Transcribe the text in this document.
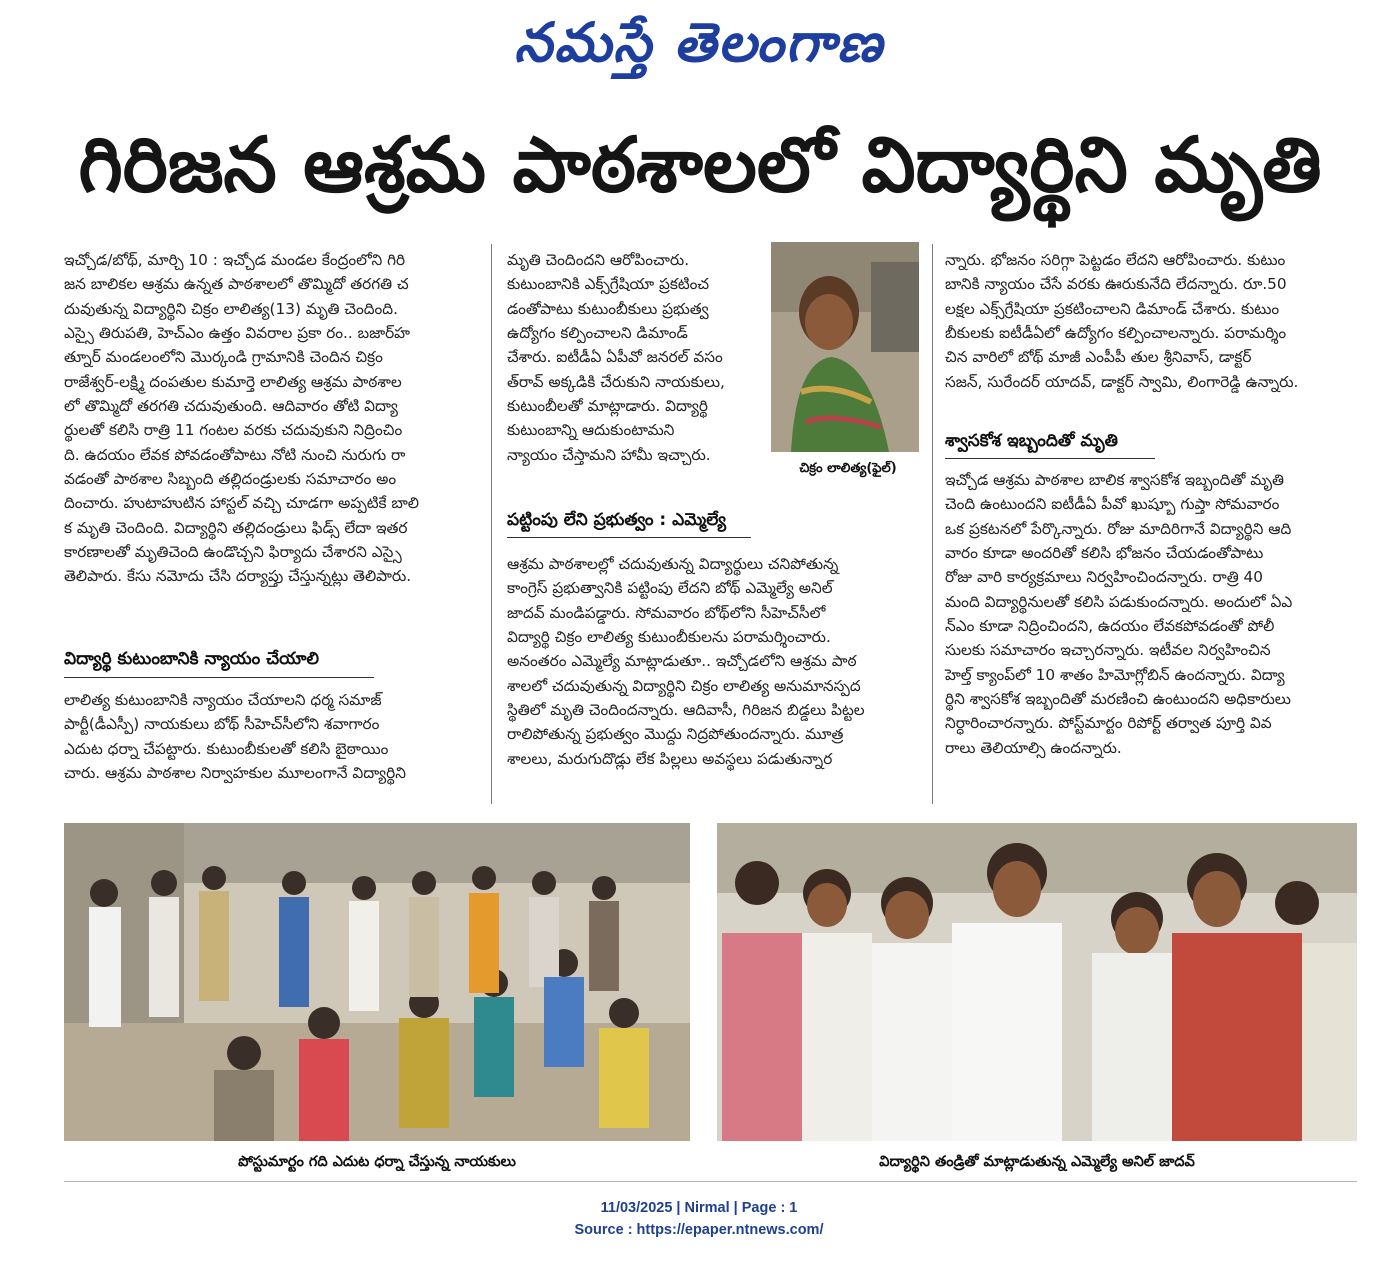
నమస్తే తెలంగాణ
గిరిజన ఆశ్రమ పాఠశాలలో విద్యార్థిని మృతి

ఇచ్చోడ/బోథ్, మార్చి 10 : ఇచ్చోడ మండల కేంద్రంలోని గిరి

జన బాలికల ఆశ్రమ ఉన్నత పాఠశాలలో తొమ్మిదో తరగతి చ

దువుతున్న విద్యార్థిని చిక్రం లాలిత్య(13) మృతి చెందింది.

ఎస్సై తిరుపతి, హెచ్‌ఎం ఉత్తం వివరాల ప్రకా రం.. బజార్‌హ

త్నూర్ మండలంలోని మొర్కండి గ్రామానికి చెందిన చిక్రం

రాజేశ్వర్-లక్ష్మి దంపతుల కుమార్తె లాలిత్య ఆశ్రమ పాఠశాల

లో తొమ్మిదో తరగతి చదువుతుంది. ఆదివారం తోటి విద్యా

ర్థులతో కలిసి రాత్రి 11 గంటల వరకు చదువుకుని నిద్రించిం

ది. ఉదయం లేవక పోవడంతోపాటు నోటి నుంచి నురుగు రా

వడంతో పాఠశాల సిబ్బంది తల్లిదండ్రులకు సమాచారం అం

దించారు. హుటాహుటిన హాస్టల్ వచ్చి చూడగా అప్పటికే బాలి

క మృతి చెందింది. విద్యార్థిని తల్లిదండ్రులు ఫిడ్స్ లేదా ఇతర

కారణాలతో మృతిచెంది ఉండొచ్చని ఫిర్యాదు చేశారని ఎస్సై

తెలిపారు. కేసు నమోదు చేసి దర్యాప్తు చేస్తున్నట్లు తెలిపారు.

విద్యార్థి కుటుంబానికి న్యాయం చేయాలి

లాలిత్య కుటుంబానికి న్యాయం చేయాలని ధర్మ సమాజ్

పార్టీ(డీఎస్పీ) నాయకులు బోథ్ సీహెచ్‌సీలోని శవాగారం

ఎదుట ధర్నా చేపట్టారు. కుటుంబీకులతో కలిసి బైఠాయిం

చారు. ఆశ్రమ పాఠశాల నిర్వాహకుల మూలంగానే విద్యార్థిని

మృతి చెందిందని ఆరోపించారు.

కుటుంబానికి ఎక్స్‌గ్రేషియా ప్రకటించ

డంతోపాటు కుటుంబీకులు ప్రభుత్వ

ఉద్యోగం కల్పించాలని డిమాండ్

చేశారు. ఐటీడీఏ ఏపీవో జనరల్ వసం

త్‌రావ్ అక్కడికి చేరుకుని నాయకులు,

కుటుంబీలతో మాట్లాడారు. విద్యార్థి

కుటుంబాన్ని ఆదుకుంటామని

న్యాయం చేస్తామని హామీ ఇచ్చారు.

చిక్రం లాలిత్య(ఫైల్)
పట్టింపు లేని ప్రభుత్వం : ఎమ్మెల్యే

ఆశ్రమ పాఠశాలల్లో చదువుతున్న విద్యార్థులు చనిపోతున్న

కాంగ్రెస్ ప్రభుత్వానికి పట్టింపు లేదని బోథ్ ఎమ్మెల్యే అనిల్

జాదవ్ మండిపడ్డారు. సోమవారం బోథ్‌లోని సీహెచ్‌సీలో

విద్యార్థి చిక్రం లాలిత్య కుటుంబీకులను పరామర్శించారు.

అనంతరం ఎమ్మెల్యే మాట్లాడుతూ.. ఇచ్చోడలోని ఆశ్రమ పాఠ

శాలలో చదువుతున్న విద్యార్థిని చిక్రం లాలిత్య అనుమానస్పద

స్థితిలో మృతి చెందిందన్నారు. ఆదివాసీ, గిరిజన బిడ్డలు పిట్టల

రాలిపోతున్న ప్రభుత్వం మొద్దు నిద్రపోతుందన్నారు. మూత్ర

శాలలు, మరుగుదొడ్లు లేక పిల్లలు అవస్థలు పడుతున్నార

న్నారు. భోజనం సరిగ్గా పెట్టడం లేదని ఆరోపించారు. కుటుం

బానికి న్యాయం చేసే వరకు ఊరుకునేది లేదన్నారు. రూ.50

లక్షల ఎక్స్‌గ్రేషియా ప్రకటించాలని డిమాండ్ చేశారు. కుటుం

బీకులకు ఐటీడీఏలో ఉద్యోగం కల్పించాలన్నారు. పరామర్శిం

చిన వారిలో బోథ్ మాజీ ఎంపీపీ తుల శ్రీనివాస్, డాక్టర్

సజన్, సురేందర్ యాదవ్, డాక్టర్ స్వామి, లింగారెడ్డి ఉన్నారు.

శ్వాసకోశ ఇబ్బందితో మృతి

ఇచ్చోడ ఆశ్రమ పాఠశాల బాలిక శ్వాసకోశ ఇబ్బందితో మృతి

చెంది ఉంటుందని ఐటీడీఏ పీవో ఖుష్బూ గుప్తా సోమవారం

ఒక ప్రకటనలో పేర్కొన్నారు. రోజు మాదిరిగానే విద్యార్థిని ఆది

వారం కూడా అందరితో కలిసి భోజనం చేయడంతోపాటు

రోజు వారి కార్యక్రమాలు నిర్వహించిందన్నారు. రాత్రి 40

మంది విద్యార్థినులతో కలిసి పడుకుందన్నారు. అందులో ఏఎ

న్‌ఎం కూడా నిద్రించిందని, ఉదయం లేవకపోవడంతో పోలీ

సులకు సమాచారం ఇచ్చారన్నారు. ఇటీవల నిర్వహించిన

హెల్త్ క్యాంప్‌లో 10 శాతం హిమోగ్లోబిన్ ఉందన్నారు. విద్యా

ర్థిని శ్వాసకోశ ఇబ్బందితో మరణించి ఉంటుందని అధికారులు

నిర్ధారించారన్నారు. పోస్ట్‌మార్టం రిపోర్ట్ తర్వాత పూర్తి వివ

రాలు తెలియాల్సి ఉందన్నారు.

పోస్టుమార్టం గది ఎదుట ధర్నా చేస్తున్న నాయకులు	విద్యార్థిని తండ్రితో మాట్లాడుతున్న ఎమ్మెల్యే అనిల్ జాదవ్
11/03/2025 | Nirmal | Page : 1
Source : https://epaper.ntnews.com/
